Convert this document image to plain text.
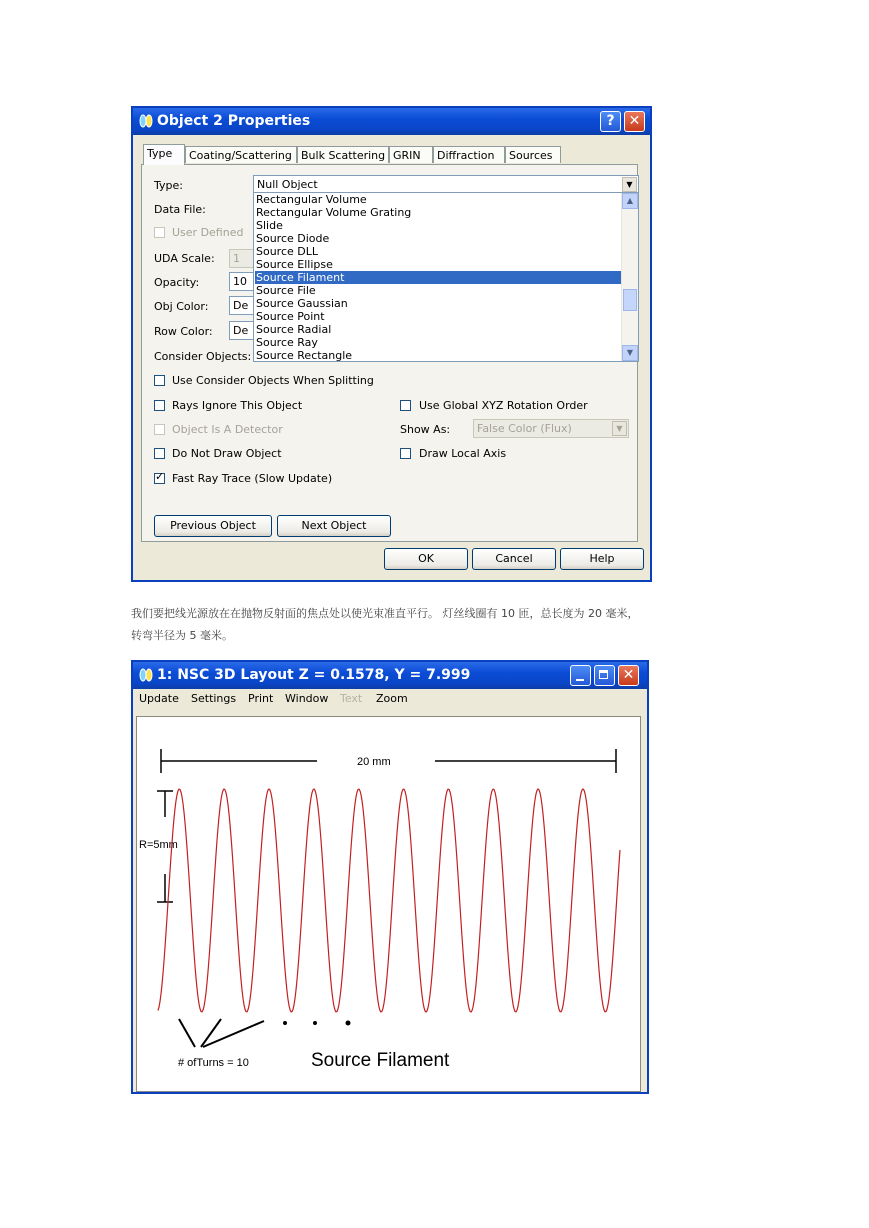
Object 2 Properties	?	✕
Type	Coating/Scattering Bulk Scattering GRIN	Diffraction	Sources
Type:	Null Object	▼
Data File:
User Defined
UDA Scale:	1
Opacity:	10
Obj Color:	De
Row Color:	De
Consider Objects:
Rectangular Volume
Rectangular Volume Grating
Slide
Source Diode
Source DLL
Source Ellipse
Source Filament
Source File
Source Gaussian
Source Point
Source Radial
Source Ray
Source Rectangle
▲
▼
Use Consider Objects When Splitting
Rays Ignore This Object	Use Global XYZ Rotation Order
Object Is A Detector	Show As:	False Color (Flux)	▼
Do Not Draw Object	Draw Local Axis
✓ Fast Ray Trace (Slow Update)
Previous Object	Next Object
OK	Cancel	Help
我们要把线光源放在在抛物反射面的焦点处以使光束准直平行。 灯丝线圈有 10 匝，总长度为 20 毫米，
转弯半径为 5 毫米。
1: NSC 3D Layout Z = 0.1578, Y = 7.999	✕
Update Settings Print Window Text Zoom
20 mm
R=5mm
# ofTurns = 10	Source Filament
